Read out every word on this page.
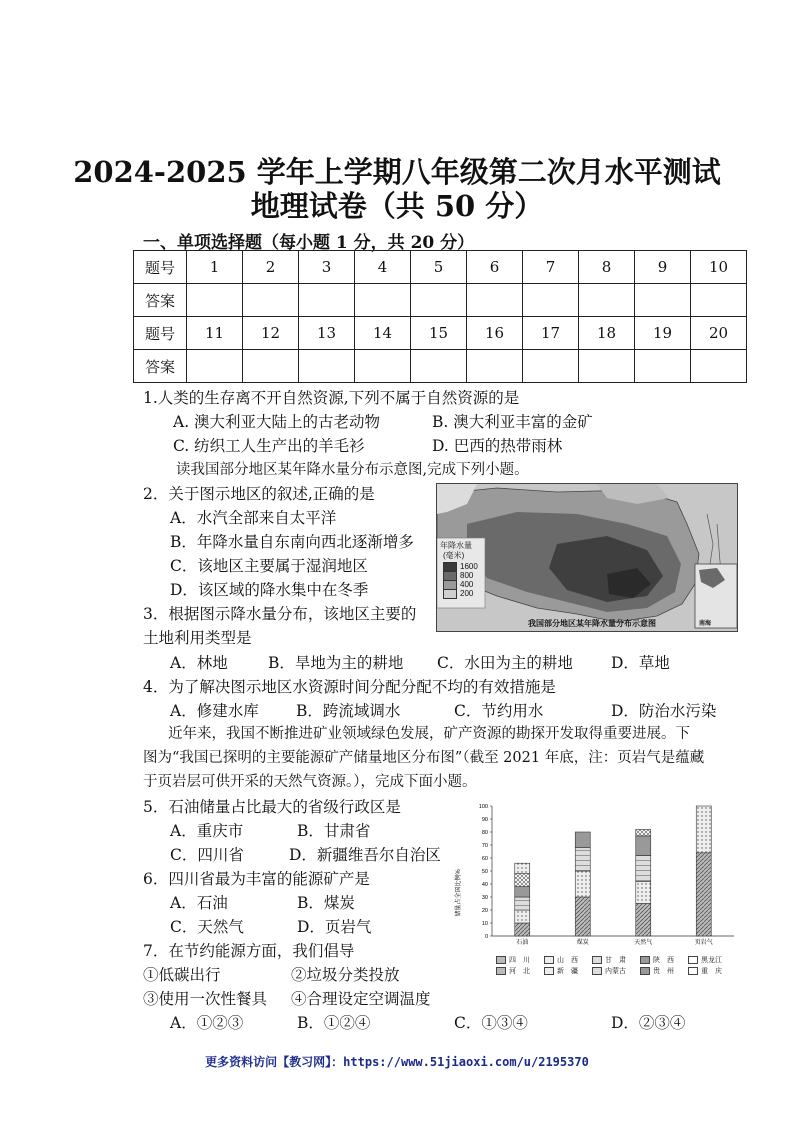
2024-2025 学年上学期八年级第二次月水平测试
地理试卷（共 50 分）
一、单项选择题（每小题 1 分，共 20 分）
题号	1	2	3	4	5	6	7	8	9	10
答案										
题号	11	12	13	14	15	16	17	18	19	20
答案										
1.人类的生存离不开自然资源,下列不属于自然资源的是
A. 澳大利亚大陆上的古老动物	B. 澳大利亚丰富的金矿
C. 纺织工人生产出的羊毛衫	D. 巴西的热带雨林
读我国部分地区某年降水量分布示意图,完成下列小题。
2．关于图示地区的叙述,正确的是
A．水汽全部来自太平洋
B．年降水量自东南向西北逐渐增多
C．该地区主要属于湿润地区
D．该区域的降水集中在冬季
年降水量
(毫米)
1600
800
400
200
南海
我国部分地区某年降水量分布示意图
3．根据图示降水量分布，该地区主要的
土地利用类型是
A．林地	B．旱地为主的耕地 C．水田为主的耕地 D．草地
4．为了解决图示地区水资源时间分配分配不均的有效措施是
A．修建水库 B．跨流域调水	C．节约用水	D．防治水污染
近年来，我国不断推进矿业领域绿色发展，矿产资源的勘探开发取得重要进展。下
图为“我国已探明的主要能源矿产储量地区分布图”（截至 2021 年底，注：页岩气是蕴藏
于页岩层可供开采的天然气资源。），完成下面小题。
5．石油储量占比最大的省级行政区是
A．重庆市	B．甘肃省
C．四川省	D．新疆维吾尔自治区
6．四川省最为丰富的能源矿产是
A．石油	B．煤炭
C．天然气	D．页岩气
7．在节约能源方面，我们倡导
①低碳出行	②垃圾分类投放
③使用一次性餐具 ④合理设定空调温度
A．①②③	B．①②④	C．①③④	D．②③④
0
10
20
30
40
50
60
70
80
90
100
石油	煤炭	天然气	页岩气
储量占全国比例%
四　川	山　西	甘　肃	陕　西	黑龙江
河　北	新　疆	内蒙古	贵　州	重　庆
更多资料访问【教习网】：https://www.51jiaoxi.com/u/2195370
